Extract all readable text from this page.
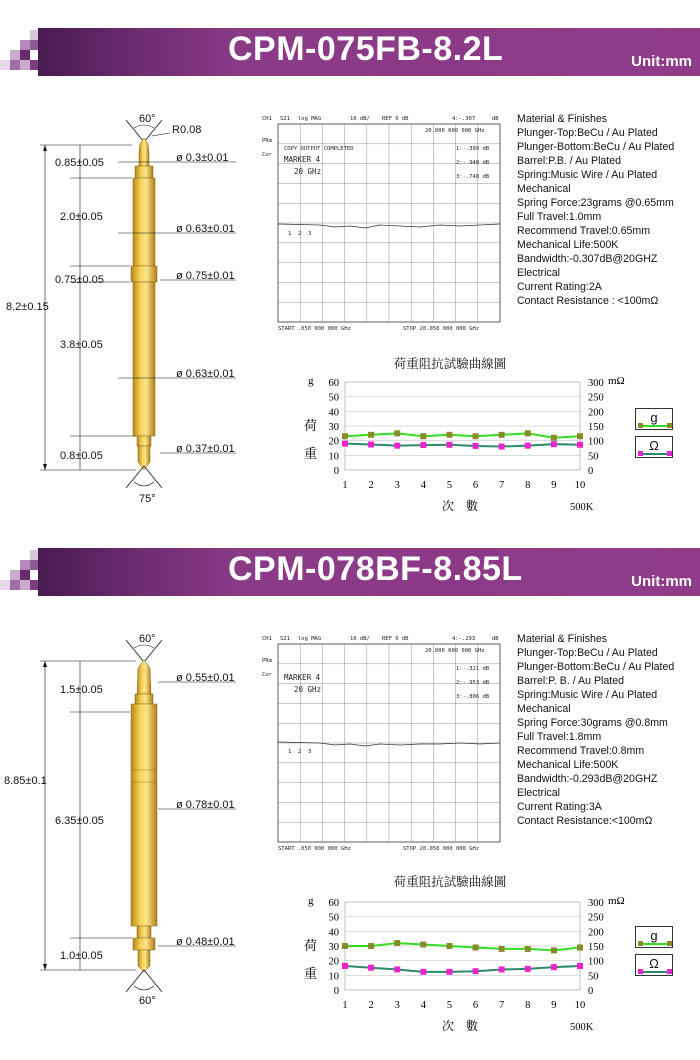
CPM-075FB-8.2L	Unit:mm
60°
R0.08
75°
0.85±0.05
2.0±0.05
0.75±0.05
3.8±0.05
0.8±0.05
8.2±0.15
ø 0.3±0.01
ø 0.63±0.01
ø 0.75±0.01
ø 0.63±0.01
ø 0.37±0.01
CH1 S21 log MAG	10 dB/ REF 0 dB	4:-.307	dB
20.000 000 000 GHz
PRm
Cor
COPY OUTPUT COMPLETED
MARKER 4
20 GHz
1:-.399 dB
2:-.948 dB
3:-.748 dB
1 2 3
START .050 000 000 GHz	STOP 20.050 000 000 GHz
Material & Finishes
Plunger-Top:BeCu / Au Plated
Plunger-Bottom:BeCu / Au Plated
Barrel:P.B. / Au Plated
Spring:Music Wire / Au Plated
Mechanical
Spring Force:23grams @0.65mm
Full Travel:1.0mm
Recommend Travel:0.65mm
Mechanical Life:500K
Bandwidth:-0.307dB@20GHZ
Electrical
Current Rating:2A
Contact Resistance : <100mΩ
荷重阻抗試驗曲線圖
0
10
20
30
40
50
60
0
50
100
150
200
250
300
1 2 3 4 5 6 7 8 9 10
g
荷
重
mΩ
次　數	500K
g
Ω
CPM-078BF-8.85L	Unit:mm
60°
60°
1.5±0.05
6.35±0.05
1.0±0.05
8.85±0.1
ø 0.55±0.01
ø 0.78±0.01
ø 0.48±0.01
CH1 S21 log MAG	10 dB/ REF 0 dB	4:-.293	dB
20.000 000 000 GHz
PRm
Cor MARKER 4
20 GHz
1:-.321 dB
2:-.953 dB
3:-.806 dB
1 2 3
START .050 000 000 GHz	STOP 20.050 000 000 GHz
Material & Finishes
Plunger-Top:BeCu / Au Plated
Plunger-Bottom:BeCu / Au Plated
Barrel:P. B. / Au Plated
Spring:Music Wire / Au Plated
Mechanical
Spring Force:30grams @0.8mm
Full Travel:1.8mm
Recommend Travel:0.8mm
Mechanical Life:500K
Bandwidth:-0.293dB@20GHZ
Electrical
Current Rating:3A
Contact Resistance:<100mΩ
荷重阻抗試驗曲線圖
0
10
20
30
40
50
60
0
50
100
150
200
250
300
1 2 3 4 5 6 7 8 9 10
g
荷
重
mΩ
次　數	500K
g
Ω
